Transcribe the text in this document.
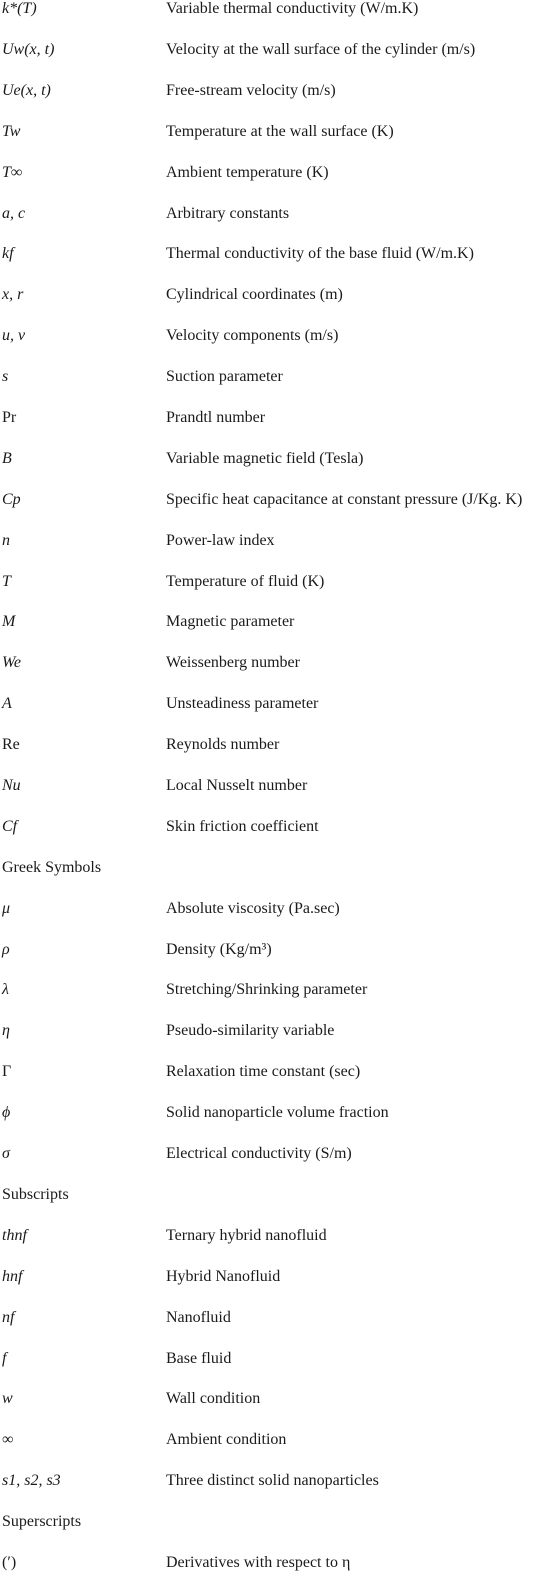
k*(T)	Variable thermal conductivity (W/m.K)
Uw(x, t)	Velocity at the wall surface of the cylinder (m/s)
Ue(x, t)	Free-stream velocity (m/s)
Tw	Temperature at the wall surface (K)
T∞	Ambient temperature (K)
a, c	Arbitrary constants
kf	Thermal conductivity of the base fluid (W/m.K)
x, r	Cylindrical coordinates (m)
u, v	Velocity components (m/s)
s	Suction parameter
Pr	Prandtl number
B	Variable magnetic field (Tesla)
Cp	Specific heat capacitance at constant pressure (J/Kg. K)
n	Power-law index
T	Temperature of fluid (K)
M	Magnetic parameter
We	Weissenberg number
A	Unsteadiness parameter
Re	Reynolds number
Nu	Local Nusselt number
Cf	Skin friction coefficient
Greek Symbols
μ	Absolute viscosity (Pa.sec)
ρ	Density (Kg/m³)
λ	Stretching/Shrinking parameter
η	Pseudo-similarity variable
Γ	Relaxation time constant (sec)
ϕ	Solid nanoparticle volume fraction
σ	Electrical conductivity (S/m)
Subscripts
thnf	Ternary hybrid nanofluid
hnf	Hybrid Nanofluid
nf	Nanofluid
f	Base fluid
w	Wall condition
∞	Ambient condition
s1, s2, s3	Three distinct solid nanoparticles
Superscripts
(′)	Derivatives with respect to η
